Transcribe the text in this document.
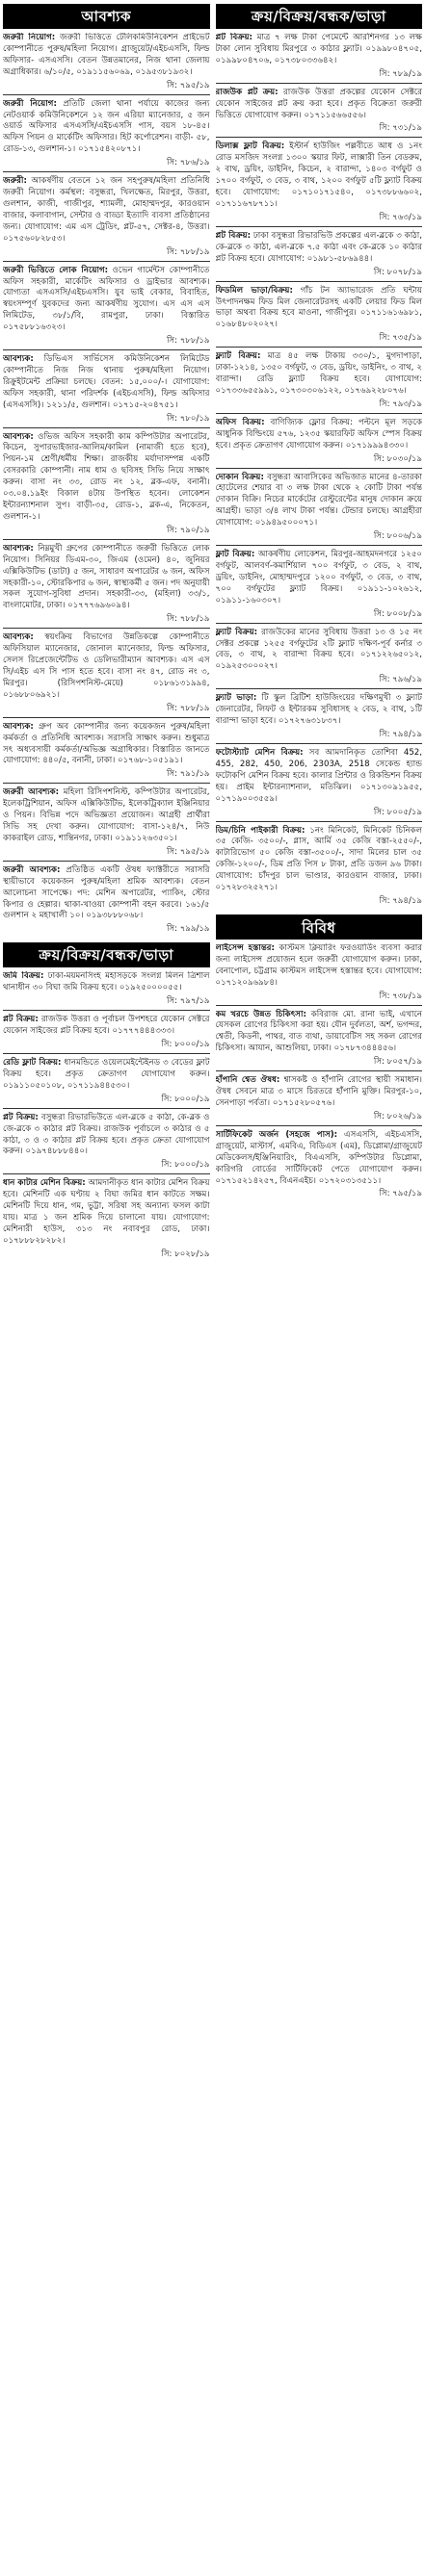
আবশ্যক

জরুরী নিয়োগ: জরুরী ভিত্তিতে টেলিকমিউনিকেশন প্রাইভেট কোম্পানীতে পুরুষ/মহিলা নিয়োগ। গ্রাজুয়েট/এইচএসসি, ফিল্ড অফিসার- এসএসসি। বেতন উন্নতমানের, নিজ থানা জেলায় অগ্রাধিকার। ৬/১০/৫, ০১৯১১৫৬০৬৯, ০১৯৫৩৮১৯৩২।

সি: ৭৯৫/১৯

জরুরী নিয়োগ: প্রতিটি জেলা থানা পর্যায়ে কাজের জন্য নেটওয়ার্ক কমিউনিকেশনে ১২ জন এরিয়া ম্যানেজার, ৫ জন ওয়ার্ড অফিসার এসএসসি/এইচএসসি পাস, বয়স ১৮-৪৫। অফিস পিয়ন ও মার্কেটিং অফিসার। হিট কর্পোরেশন। বাড়ী- ৫৮, রোড-১৩, গুলশান-১। ০১৭১৫৪২০৮৭১।

সি: ৭৮৬/১৯

জরুরী: আকর্ষণীয় বেতনে ১২ জন সহপুরুষ/মহিলা প্রতিনিধি জরুরী নিয়োগ। কর্মস্থল: বসুন্ধরা, খিলক্ষেত, মিরপুর, উত্তরা, গুলশান, কাজী, গাজীপুর, শ্যামলী, মোহাম্মদপুর, কারওয়ান বাজার, কলাবাগান, সেন্টার ও বাড্ডা ইত্যাদি ব্যবসা প্রতিষ্ঠানের জন্য। যোগাযোগ: এম এস ট্রেডিং, প্লট-৫৭, সেক্টর-৪, উত্তরা। ০১৭৫৬০৮২৮৫৩।

সি: ৭৮৮/১৯

জরুরী ভিত্তিতে লোক নিয়োগ: ওভেন গার্মেন্টস কোম্পানীতে অফিস সহকারী, মার্কেটিং অফিসার ও ড্রাইভার আবশ্যক। যোগ্যতা এসএসসি/এইচএসসি। যুব ভাই বেকার, বিবাহিত, স্বয়ংসম্পূর্ণ যুবকদের জন্য আকর্ষণীয় সুযোগ। এস এস এস লিমিটেড, ৩৮/১/বি, রামপুরা, ঢাকা। বিস্তারিত ০১৭৫৮৮১৬৩২৩।

সি: ৭৮৮/১৯

আবশ্যক: ডিভিএস সার্ভিসেস কমিউনিকেশন লিমিটেড কোম্পানীতে নিজ নিজ থানায় পুরুষ/মহিলা নিয়োগ। রিক্রুইটমেন্ট প্রক্রিয়া চলছে। বেতন: ১৫,০০০/-। যোগাযোগ: অফিস সহকারী, থানা পরিদর্শক (এইচএসসি), ফিল্ড অফিসার (এসএসসি)। ১২১১/৫, গুলশান। ০১৭১৫-২০৪৭৫১।

সি: ৭৮০/১৯

আবশ্যক: ওভিজ অফিস সহকারী কাম কম্পিউটার অপারেটর, কিচেন, সুপারভাইজার-আলিম/কামিল (নামাজী হতে হবে), পিয়ন-১ম শ্রেণী/ধর্মীয় শিক্ষা। রাজকীয় মর্যাদাসম্পন্ন একটি বেসরকারি কোম্পানী। নাম ধাম ও ছবিসহ সিভি নিয়ে সাক্ষাৎ করুন। বাসা নং ৩৩, রোড নং ১২, ব্লক-এফ, বনানী। ০৩.০৪.১৯ইং বিকাল ৪টায় উপস্থিত হবেন। লোকেশন ইন্টারন্যাশনাল সুপ। বাড়ী-৩৫, রোড-১, ব্লক-এ, নিকেতন, গুলশান-১।

সি: ৭৯০/১৯

আবশ্যক: নিম্নমুখী গ্রুপের কোম্পানীতে জরুরী ভিত্তিতে লোক নিয়োগ। সিনিয়র ডিএম-৩০, জিএম (ওমেন) ৪০, জুনিয়র এক্সিকিউটিভ (ডাটা) ৫ জন, সাধারণ অপারেটর ৬ জন, অফিস সহকারী-১০, স্টোরকিপার ৬ জন, স্বাস্থ্যকর্মী ৫ জন। পদ অনুযায়ী সকল সুযোগ-সুবিধা প্রদান। সহকারী-৩৩, (মহিলা) ৩৩/১, বাংলামোটর, ঢাকা। ০১৭৭৭৬৯৬০৯৪।

সি: ৭৮৮/১৯

আবশ্যক: স্বয়ংক্রিয় বিভাগের উন্নতিকল্পে কোম্পানীতে অফিসিয়াল ম্যানেজার, জোনাল ম্যানেজার, ফিল্ড অফিসার, সেলস রিপ্রেজেন্টেটিভ ও ডেলিভারীম্যান আবশ্যক। এস এস সি/এইচ এস সি পাস হতে হবে। বাসা নং ৪৭, রোড নং ৩, মিরপুর। (রিসিপশনিস্ট-মেয়ে) ০১৮৬১৩১৯৯৪, ০১৬৮৮০৬৯২১।

সি: ৭৮৮/১৯

আবশ্যক: গ্রুপ অব কোম্পানীর জন্য কয়েকজন পুরুষ/মহিলা কর্মকর্তা ও প্রতিনিধি আবশ্যক। সরাসরি সাক্ষাৎ করুন। শুধুমাত্র সৎ অধ্যবসায়ী কর্মকর্তা/অভিজ্ঞ অগ্রাধিকার। বিস্তারিত জানতে যোগাযোগ: ৪৪০/৫, বনানী, ঢাকা। ০১৭৬৮-১০৫১৯১।

সি: ৭৯১/১৯

জরুরী আবশ্যক: মহিলা রিসিপশনিস্ট, কম্পিউটার অপারেটর, ইলেকট্রিশিয়ান, অফিস এক্সিকিউটিভ, ইলেকট্রিক্যাল ইঞ্জিনিয়ার ও পিয়ন। বিভিন্ন পদে অভিজ্ঞতা প্রয়োজন। আগ্রহী প্রার্থীরা সিভি সহ দেখা করুন। যোগাযোগ: বাসা-১২৪/৭, নিউ কাকরাইল রোড, শান্তিনগর, ঢাকা। ০১৯১১২৬৩৫০১।

সি: ৭৯৫/১৯

জরুরী আবশ্যক: প্রতিষ্ঠিত একটি ঔষধ ফ্যাক্টরীতে সরাসরি স্থায়ীভাবে কয়েকজন পুরুষ/মহিলা শ্রমিক আবশ্যক। বেতন আলোচনা সাপেক্ষে। পদ: মেশিন অপারেটর, প্যাকিং, স্টোর কিপার ও হেল্পার। থাকা-খাওয়া কোম্পানী বহন করবে। ১৬১/৫ গুলশান ২ মহাখালী ১০। ০১৯৩৮৮৮০৬৮।

সি: ৭৯৯/১৯
ক্রয়/বিক্রয়/বন্ধক/ভাড়া

জমি বিক্রয়: ঢাকা-ময়মনসিংহ মহাসড়কে সংলগ্ন মিলন ত্রিশাল থানাধীন ৩০ বিঘা জমি বিক্রয় হবে। ০১৯২৫০০০০৫৫।

সি: ৭৯৭/১৯

প্লট বিক্রয়: রাজউক উত্তরা ও পূর্বাচল উপশহরে যেকোন সেক্টরে যেকোন সাইজের প্লট বিক্রয় হবে। ০১৭৭৭৪৪৪৩৩৩।

সি: ৮০০০/১৯

রেডি ফ্লাট বিক্রয়: ধানমন্ডিতে ওয়েলমেইন্টেইনড ৩ বেডের ফ্লাট বিক্রয় হবে। প্রকৃত ক্রেতাগণ যোগাযোগ করুন। ০১৯১১০৫০১০৮, ০১৭১১৯৪৪৫৩০।

সি: ৮০০০/১৯

প্লট বিক্রয়: বসুন্ধরা রিভারভিউতে এল-ব্লকে ৫ কাঠা, কে-ব্লক ও জে-ব্লকে ৩ কাঠার প্লট বিক্রয়। রাজউক পূর্বাচলে ৩ কাঠার ও ৫ কাঠা, ৩ ও ৩ কাঠার প্লট বিক্রয় হবে। প্রকৃত ক্রেতা যোগাযোগ করুন। ০১৯৭৪৮৮৮৪৪০।

সি: ৮০০০/১৯

ধান কাটার মেশিন বিক্রয়: আমদানীকৃত ধান কাটার মেশিন বিক্রয় হবে। মেশিনটি এক ঘণ্টায় ২ বিঘা জমির ধান কাটতে সক্ষম। মেশিনটি দিয়ে ধান, গম, ভুট্টা, সরিষা সহ অন্যান্য ফসল কাটা যায়। মাত্র ১ জন শ্রমিক দিয়ে চালানো যায়। যোগাযোগ: মেশিনারী হাউস, ৩১৩ নং নবাবপুর রোড, ঢাকা। ০১৭৮৮৮২৮২৮২।

সি: ৮০২৮/১৯
ক্রয়/বিক্রয়/বন্ধক/ভাড়া

প্লট বিক্রয়: মাত্র ৭ লক্ষ টাকা পেমেন্টে আরশিনগর ১৩ লক্ষ টাকা লোন সুবিধায় মিরপুরে ৩ কাঠার ফ্ল্যাট। ০১৯৯৮০৪৭০৫, ০১৯৯৮০৪৭০৬, ০১৭৩৮০৩৩৬৪২।

সি: ৭৮৯/১৯

রাজউক প্লট ক্রয়: রাজউক উত্তরা প্রকল্পের যেকোন সেক্টরে যেকোন সাইজের প্লট ক্রয় করা হবে। প্রকৃত বিক্রেতা জরুরী ভিত্তিতে যোগাযোগ করুন। ০১৭১১৫৬৬৫৫৬।

সি: ৭৩১/১৯

ডিলাক্স ফ্লাট বিক্রয়: ইস্টার্ন হাউজিং পল্লবীতে আধ ও ১নং রোড মসজিদ সংলগ্ন ১৩০০ স্কয়ার ফিট, লাক্সারী তিন বেডরুম, ২ বাথ, ড্রয়িং, ডাইনিং, কিচেন, ২ বারান্দা, ১৪০৩ বর্গফুট ও ১৭০০ বর্গফুট, ৩ বেড, ৩ বাথ, ১২০০ বর্গফুট ৫টি ফ্ল্যাট বিক্রয় হবে। যোগাযোগ: ০১৭১০১৭১৫৪০, ০১৭৩৮৮৬৬০২, ০১৭১১৬৭৮৭১১।

সি: ৭৬৩/১৯

প্লট বিক্রয়: ঢাকা বসুন্ধরা রিভারভিউ প্রকল্পের এল-ব্লকে ৩ কাঠা, কে-ব্লকে ৩ কাঠা, এল-ব্লকে ৭.৫ কাঠা এবং কে-ব্লকে ১০ কাঠার প্লট বিক্রয় হবে। যোগাযোগ: ০১৯৮১-৫৮৬৯৪৪।

সি: ৮০৭৮/১৯

ফিডমিল ভাড়া/বিক্রয়: গাঁচ টন অ্যাভারেজ প্রতি ঘন্টায় উৎপাদনক্ষম ফিড মিল জেনারেটরসহ একটি লেয়ার ফিড মিল ভাড়া অথবা বিক্রয় হবে মাওনা, গাজীপুর। ০১৭১১৬১৬৯৮১, ০১৬৮৪৮০২০২৭।

সি: ৭৩৫/১৯

ফ্ল্যাট বিক্রয়: মাত্র ৪৫ লক্ষ টাকায় ৩৩০/১, মুগদাপাড়া, ঢাকা-১২১৪, ১৩৫০ বর্গফুট, ৩ বেড, ড্রয়িং, ডাইনিং, ৩ বাথ, ২ বারান্দা। রেডি ফ্ল্যাট বিক্রয় হবে। যোগাযোগ: ০১৭৩৩৬৫৫৯৯১, ০১৭৩০৩০৬১২২, ০১৭৬৯২২৮০৭৬।

সি: ৭৯৩/১৯

অফিস বিক্রয়: বাণিজ্যিক ফ্লোর বিক্রয়: পল্টনে মূল সড়কে আধুনিক বিল্ডিংয়ে ৫৭৬, ১২৩৫ স্কয়ারফিট অফিস স্পেস বিক্রয় হবে। প্রকৃত ক্রেতাগণ যোগাযোগ করুন। ০১৭১৯৯৯৪৩৩০।

সি: ৮০৩০/১৯

দোকান বিক্রয়: বসুন্ধরা আবাসিকের অভিজাত মানের ৪-তারকা হোটেলের শেয়ার বা ৩ লক্ষ টাকা থেকে ২ কোটি টাকা পর্যন্ত দোকান বিক্রি। নিচের মার্কেটের রেস্টুরেন্টের মানুষ দোকান ক্রয়ে আগ্রহী। ভাড়া ৩/৪ লাখ টাকা পর্যন্ত। টেন্ডার চলছে। আগ্রহীরা যোগাযোগ: ০১৯৪৯৫০০০৭১।

সি: ৮০০৬/১৯

ফ্লাট বিক্রয়: আকর্ষণীয় লোকেশন, মিরপুর-আহমদনগরে ১২৫০ বর্গফুট, আলবর্ণ-কমার্শিয়াল ৭০০ বর্গফুট, ৩ বেড, ২ বাথ, ড্রয়িং, ডাইনিং, মোহাম্মদপুরে ১২০০ বর্গফুট, ৩ বেড, ৩ বাথ, ৭০০ বর্গফুটের ফ্ল্যাট বিক্রয়। ০১৯১১-১০২৬১২, ০১৯১১-১৬০৩০৭।

সি: ৮০০৮/১৯

ফ্ল্যাট বিক্রয়: রাজউকের মানের সুবিধায় উত্তরা ১৩ ও ১৫ নং সেক্টর প্রকল্পে ১২৫৫ বর্গফুটের ২টি ফ্ল্যাট দক্ষিণ-পূর্ব কর্নার ৩ বেড, ৩ বাথ, ২ বারান্দা বিক্রয় হবে। ০১৭১২২৬৫০১২, ০১৯২৫৩০০০২৭।

সি: ৭৯৬/১৯

ফ্ল্যাট ভাড়া: টি স্কুল ব্রিটিশ হাউজিংয়ের দক্ষিণমুখী ৩ ফ্ল্যাট জেনারেটর, লিফট ও ইন্টারকম সুবিধাসহ ২ বেড, ২ বাথ, ১টি বারান্দা ভাড়া হবে। ০১৭২৭৬৩১৮৩৭।

সি: ৭৯৪/১৯

ফটোস্ট্যাট মেশিন বিক্রয়: সব আমদানিকৃত তোশিবা 452, 455, 282, 450, 206, 2303A, 2518 সেকেন্ড হ্যান্ড ফটোকপি মেশিন বিক্রয় হবে। কালার প্রিন্টার ও রিকন্ডিশন বিক্রয় হয়। প্রাইম ইন্টারন্যাশনাল, মতিঝিল। ০১৭১৩০৯১৯৫৫, ০১৭১৯০০৩৫৫৯।

সি: ৮০০৫/১৯

ডিম/চিনি পাইকারী বিক্রয়: ১নং মিনিকেট, মিনিকেট চিনিকল ৩৫ কেজি- ৩৫০০/-, গ্লাস, আর্মি ৩৫ কেজি বস্তা-২৫৫০/-, কাটারিভোগ ৫০ কেজি বস্তা-৩৫০০/-, সাদা মিলের চাল ৩৫ কেজি-১২০০/-, ডিম প্রতি পিস ৮ টাকা, প্রতি ডজন ৯৬ টাকা। যোগাযোগ: চাঁদপুর চাল ভাণ্ডার, কারওয়ান বাজার, ঢাকা। ০১৭২৮৩২৫২৭১।

সি: ৭৯৪/১৯
বিবিধ

লাইসেন্স হস্তান্তর: কাস্টমস ক্লিয়ারিং ফরওয়ার্ডিং ব্যবসা করার জন্য লাইসেন্স প্রয়োজন হলে জরুরী যোগাযোগ করুন। ঢাকা, বেনাপোল, চট্টগ্রাম কাস্টমস লাইসেন্স হস্তান্তর হবে। যোগাযোগ: ০১৭১২০৯৬৯৮৪।

সি: ৭৩৮/১৯

কম খরচে উন্নত চিকিৎসা: কবিরাজ মো. রানা ভাই, এখানে যেসকল রোগের চিকিৎসা করা হয়। যৌন দুর্বলতা, অর্শ, ভগন্দর, শ্বেতী, কিডনী, পাথর, বাত ব্যথা, ডায়াবেটিস সহ সকল রোগের চিকিৎসা। আযান, আশুলিয়া, ঢাকা। ০১৭৮৭৩৪৪৪৫৬।

সি: ৮০৫৭/১৯

হাঁপানি শ্বেত ঔষধ: শ্বাসকষ্ট ও হাঁপানি রোগের স্থায়ী সমাধান। ঔষধ সেবনে মাত্র ৩ মাসে চিরতরে হাঁপানি মুক্তি। মিরপুর-১০, সেনপাড়া পর্বতা। ০১৭১৫২৮০৫৭৬।

সি: ৮০২৬/১৯

সার্টিফিকেট অর্জন (সহজে পাস): এসএসসি, এইচএসসি, গ্রাজুয়েট, মাস্টার্স, এমবিএ, বিডিএস (এম), ডিপ্লোমা/গ্রাজুয়েট মেডিকেলস/ইঞ্জিনিয়ারিং, বিএএসসি, কম্পিউটার ডিপ্লোমা, কারিগরি বোর্ডের সার্টিফিকেট পেতে যোগাযোগ করুন। ০১৭১৫২১৪২৫৭, বিএনএইচ। ০১৭২০৩১৩৫১১।

সি: ৭৯৫/১৯
